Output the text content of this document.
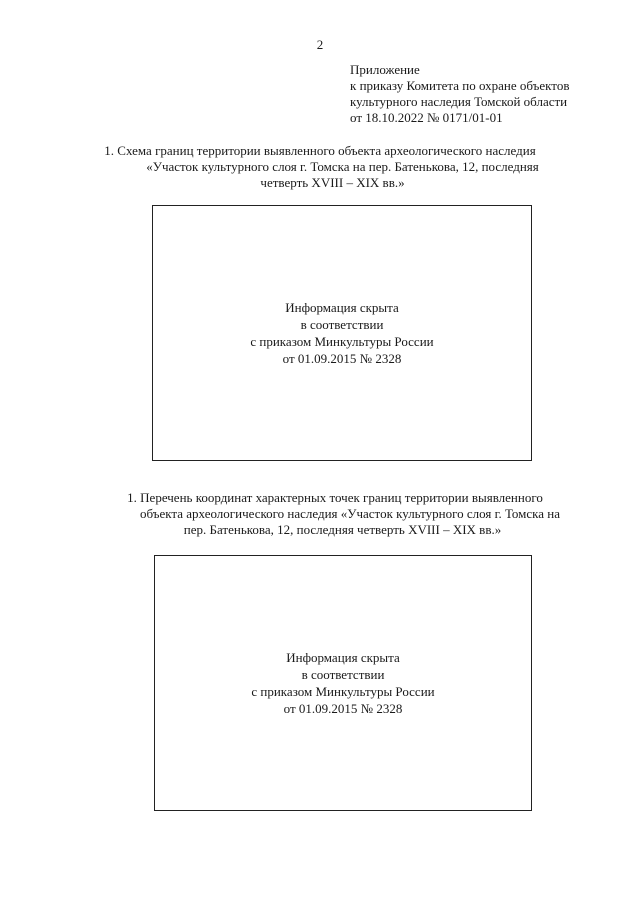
2
Приложение
к приказу Комитета по охране объектов
культурного наследия Томской области
от 18.10.2022 № 0171/01-01
1. Схема границ территории выявленного объекта археологического наследия
«Участок культурного слоя г. Томска на пер. Батенькова, 12, последняя
четверть XVIII – XIX вв.»
Информация скрыта
в соответствии
с приказом Минкультуры России
от 01.09.2015 № 2328
1. Перечень координат характерных точек границ территории выявленного
объекта археологического наследия «Участок культурного слоя г. Томска на
пер. Батенькова, 12, последняя четверть XVIII – XIX вв.»
Информация скрыта
в соответствии
с приказом Минкультуры России
от 01.09.2015 № 2328
